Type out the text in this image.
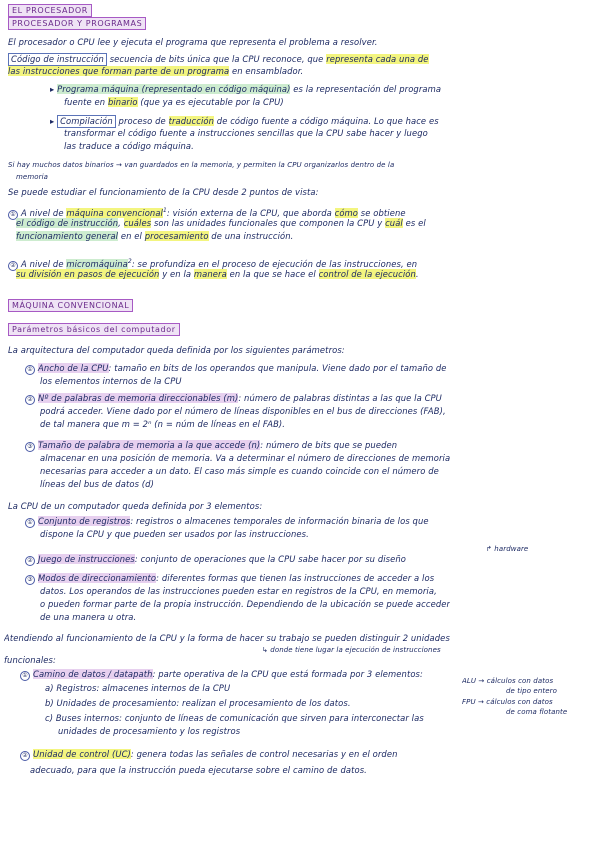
EL PROCESADOR
PROCESADOR Y PROGRAMAS
El procesador o CPU lee y ejecuta el programa que representa el problema a resolver.
Código de instrucción secuencia de bits única que la CPU reconoce, que representa cada una de
las instrucciones que forman parte de un programa en ensamblador.
▸ Programa máquina (representado en código máquina) es la representación del programa
fuente en binario (que ya es ejecutable por la CPU)
▸ Compilación proceso de traducción de código fuente a código máquina. Lo que hace es
transformar el código fuente a instrucciones sencillas que la CPU sabe hacer y luego
las traduce a código máquina.
Si hay muchos datos binarios → van guardados en la memoria, y permiten la CPU organizarlos dentro de la
memoria
Se puede estudiar el funcionamiento de la CPU desde 2 puntos de vista:
① A nivel de máquina convencional$^1$: visión externa de la CPU, que aborda cómo se obtiene
el código de instrucción, cuáles son las unidades funcionales que componen la CPU y cuál es el
funcionamiento general en el procesamiento de una instrucción.
② A nivel de micromáquina$^2$: se profundiza en el proceso de ejecución de las instrucciones, en
su división en pasos de ejecución y en la manera en la que se hace el control de la ejecución.
MÁQUINA CONVENCIONAL
Parámetros básicos del computador
La arquitectura del computador queda definida por los siguientes parámetros:
① Ancho de la CPU: tamaño en bits de los operandos que manipula. Viene dado por el tamaño de
los elementos internos de la CPU
② Nº de palabras de memoria direccionables (m): número de palabras distintas a las que la CPU
podrá acceder. Viene dado por el número de líneas disponibles en el bus de direcciones (FAB),
de tal manera que m = 2ⁿ (n = núm de líneas en el FAB).
③ Tamaño de palabra de memoria a la que accede (n): número de bits que se pueden
almacenar en una posición de memoria. Va a determinar el número de direcciones de memoria
necesarias para acceder a un dato. El caso más simple es cuando coincide con el número de
líneas del bus de datos (d)
La CPU de un computador queda definida por 3 elementos:
① Conjunto de registros: registros o almacenes temporales de información binaria de los que
dispone la CPU y que pueden ser usados por las instrucciones.
↱ hardware
② Juego de instrucciones: conjunto de operaciones que la CPU sabe hacer por su diseño
③ Modos de direccionamiento: diferentes formas que tienen las instrucciones de acceder a los
datos. Los operandos de las instrucciones pueden estar en registros de la CPU, en memoria,
o pueden formar parte de la propia instrucción. Dependiendo de la ubicación se puede acceder
de una manera u otra.
Atendiendo al funcionamiento de la CPU y la forma de hacer su trabajo se pueden distinguir 2 unidades
↳ donde tiene lugar la ejecución de instrucciones
funcionales:
① Camino de datos / datapath: parte operativa de la CPU que está formada por 3 elementos:
a) Registros: almacenes internos de la CPU
b) Unidades de procesamiento: realizan el procesamiento de los datos.
c) Buses internos: conjunto de líneas de comunicación que sirven para interconectar las
unidades de procesamiento y los registros
② Unidad de control (UC): genera todas las señales de control necesarias y en el orden
adecuado, para que la instrucción pueda ejecutarse sobre el camino de datos.
ALU → cálculos con datos
de tipo entero
FPU → cálculos con datos
de coma flotante
